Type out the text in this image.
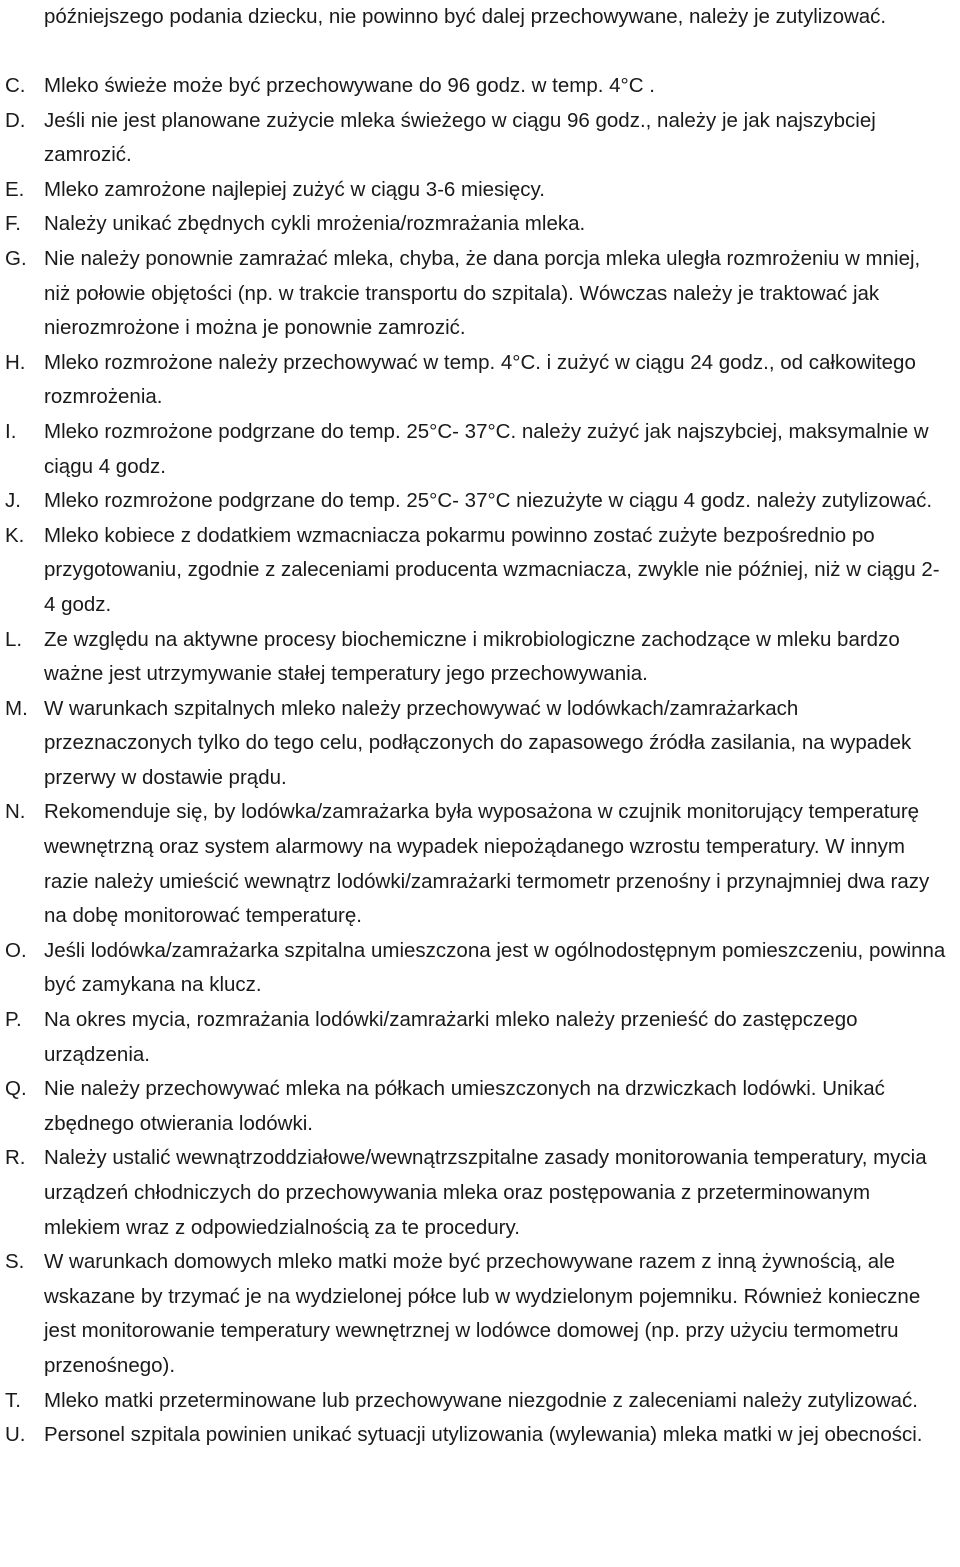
późniejszego podania dziecku, nie powinno być dalej przechowywane, należy je zutylizować.

C. Mleko świeże może być przechowywane do 96 godz. w temp. 4°C .
D. Jeśli nie jest planowane zużycie mleka świeżego w ciągu 96 godz., należy je jak najszybciej zamrozić.
E. Mleko zamrożone najlepiej zużyć w ciągu 3-6 miesięcy.
F.	Należy unikać zbędnych cykli mrożenia/rozmrażania mleka.
G. Nie należy ponownie zamrażać mleka, chyba, że dana porcja mleka uległa rozmrożeniu w mniej, niż połowie objętości (np. w trakcie transportu do szpitala). Wówczas należy je traktować jak nierozmrożone i można je ponownie zamrozić.
H. Mleko rozmrożone należy przechowywać w temp. 4°C. i zużyć w ciągu 24 godz., od całkowitego rozmrożenia.
I.	Mleko rozmrożone podgrzane do temp. 25°C- 37°C. należy zużyć jak najszybciej, maksymalnie w ciągu 4 godz.
J.	Mleko rozmrożone podgrzane do temp. 25°C- 37°C niezużyte w ciągu 4 godz. należy zutylizować.
K. Mleko kobiece z dodatkiem wzmacniacza pokarmu powinno zostać zużyte bezpośrednio po przygotowaniu, zgodnie z zaleceniami producenta wzmacniacza, zwykle nie później, niż w ciągu 2- 4 godz.
L.	Ze względu na aktywne procesy biochemiczne i mikrobiologiczne zachodzące w mleku bardzo ważne jest utrzymywanie stałej temperatury jego przechowywania.
M. W warunkach szpitalnych mleko należy przechowywać w lodówkach/zamrażarkach przeznaczonych tylko do tego celu, podłączonych do zapasowego źródła zasilania, na wypadek przerwy w dostawie prądu.
N. Rekomenduje się, by lodówka/zamrażarka była wyposażona w czujnik monitorujący temperaturę wewnętrzną oraz system alarmowy na wypadek niepożądanego wzrostu temperatury. W innym razie należy umieścić wewnątrz lodówki/zamrażarki termometr przenośny i przynajmniej dwa razy na dobę monitorować temperaturę.
O. Jeśli lodówka/zamrażarka szpitalna umieszczona jest w ogólnodostępnym pomieszczeniu, powinna być zamykana na klucz.
P.	Na okres mycia, rozmrażania lodówki/zamrażarki mleko należy przenieść do zastępczego urządzenia.
Q. Nie należy przechowywać mleka na półkach umieszczonych na drzwiczkach lodówki. Unikać zbędnego otwierania lodówki.
R. Należy ustalić wewnątrzoddziałowe/wewnątrzszpitalne zasady monitorowania temperatury, mycia urządzeń chłodniczych do przechowywania mleka oraz postępowania z przeterminowanym mlekiem wraz z odpowiedzialnością za te procedury.
S. W warunkach domowych mleko matki może być przechowywane razem z inną żywnością, ale wskazane by trzymać je na wydzielonej półce lub w wydzielonym pojemniku. Również konieczne jest monitorowanie temperatury wewnętrznej w lodówce domowej (np. przy użyciu termometru przenośnego).
T.	Mleko matki przeterminowane lub przechowywane niezgodnie z zaleceniami należy zutylizować.
U. Personel szpitala powinien unikać sytuacji utylizowania (wylewania) mleka matki w jej obecności.
